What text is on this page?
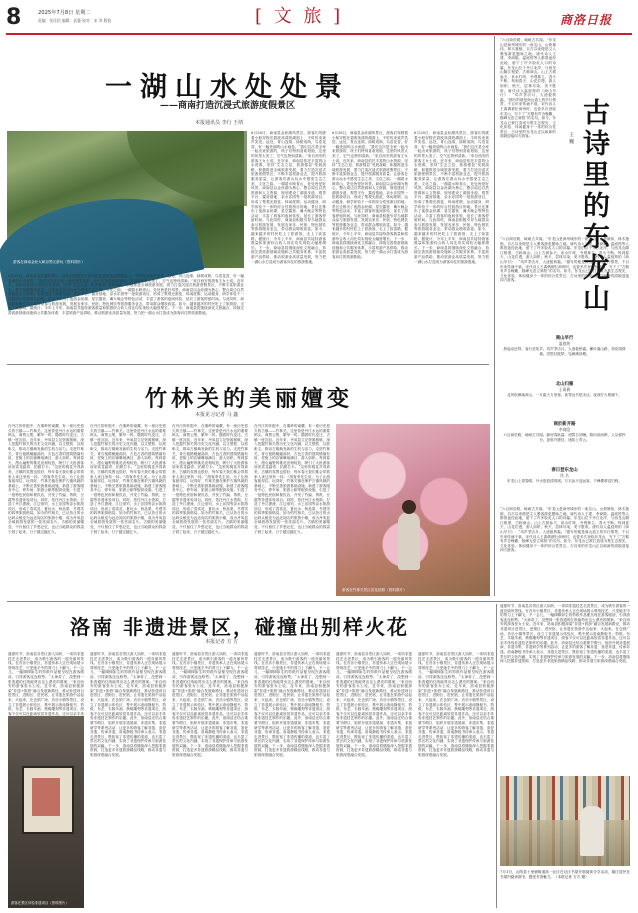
8	2025年7月8日 星期二
责编：张佳怡 编辑：武藤 校对：宋 翠 版校	[ 文 旅 ]	商洛日报
一湖山水处处景
——商南打造沉浸式旅游度假景区
本报通讯员 李行 王靖
游客在商南金丝大峡谷景区游玩（资料图片）
6月28日，商南县金丝湖风景区，游客们驾驶着小船穿梭在碧波荡漾的湖面上，不时传来欢声笑语。远处，青山连绵，绿树成荫，鸟语花香，好一幅美丽的山水画卷。“我们这次是全家一起出来旅游的，孩子们特别喜欢划船，这里的风景太美了，空气也特别清新。”来自西安的游客王女士说。近年来，商南县依托丰富的山水资源，坚持“生态立县、旅游强县”发展战略，积极推进全域旅游发展，着力打造沉浸式旅游度假景区，不断丰富旅游业态，提升旅游服务质量，让游客在游山玩水中感受生态之美、文化之韵。一湖碧水映青山，处处皆是好风景。商南县以金丝湖为核心，整合周边自然资源和人文资源，规划建设了湖滨步道、观景平台、露营基地、亲水乐园等一批旅游项目，形成了集观光游览、休闲度假、运动健身、研学体验于一体的综合性旅游目的地。景区还推出了夜游金丝湖、星空露营、篝火晚会等特色活动，丰富了游客的夜间体验，延长了游客停留时间。与此同时，商南县积极引导当地群众参与旅游发展，发展农家乐、民宿、特色餐饮等旅游服务业态，带动群众增收致富。如今，越来越多的村民吃上了旅游饭，走上了致富路。据统计，今年上半年，商南县共接待游客数量和旅游综合收入同比均实现较大幅度增长。下一步，商南县将继续深化文旅融合，持续完善旅游基础设施和公共服务体系，丰富旅游产品供给，推动旅游业高质量发展，努力把一湖山水打造成为游客向往的旅游胜地。
6月28日，商南县金丝湖风景区，游客们驾驶着小船穿梭在碧波荡漾的湖面上，不时传来欢声笑语。远处，青山连绵，绿树成荫，鸟语花香，好一幅美丽的山水画卷。“我们这次是全家一起出来旅游的，孩子们特别喜欢划船，这里的风景太美了，空气也特别清新。”来自西安的游客王女士说。近年来，商南县依托丰富的山水资源，坚持“生态立县、旅游强县”发展战略，积极推进全域旅游发展，着力打造沉浸式旅游度假景区，不断丰富旅游业态，提升旅游服务质量，让游客在游山玩水中感受生态之美、文化之韵。一湖碧水映青山，处处皆是好风景。商南县以金丝湖为核心，整合周边自然资源和人文资源，规划建设了湖滨步道、观景平台、露营基地、亲水乐园等一批旅游项目，形成了集观光游览、休闲度假、运动健身、研学体验于一体的综合性旅游目的地。景区还推出了夜游金丝湖、星空露营、篝火晚会等特色活动，丰富了游客的夜间体验，延长了游客停留时间。与此同时，商南县积极引导当地群众参与旅游发展，发展农家乐、民宿、特色餐饮等旅游服务业态，带动群众增收致富。如今，越来越多的村民吃上了旅游饭，走上了致富路。据统计，今年上半年，商南县共接待游客数量和旅游综合收入同比均实现较大幅度增长。下一步，商南县将继续深化文旅融合，持续完善旅游基础设施和公共服务体系，丰富旅游产品供给，推动旅游业高质量发展，努力把一湖山水打造成为游客向往的旅游胜地。
6月28日，商南县金丝湖风景区，游客们驾驶着小船穿梭在碧波荡漾的湖面上，不时传来欢声笑语。远处，青山连绵，绿树成荫，鸟语花香，好一幅美丽的山水画卷。“我们这次是全家一起出来旅游的，孩子们特别喜欢划船，这里的风景太美了，空气也特别清新。”来自西安的游客王女士说。近年来，商南县依托丰富的山水资源，坚持“生态立县、旅游强县”发展战略，积极推进全域旅游发展，着力打造沉浸式旅游度假景区，不断丰富旅游业态，提升旅游服务质量，让游客在游山玩水中感受生态之美、文化之韵。一湖碧水映青山，处处皆是好风景。商南县以金丝湖为核心，整合周边自然资源和人文资源，规划建设了湖滨步道、观景平台、露营基地、亲水乐园等一批旅游项目，形成了集观光游览、休闲度假、运动健身、研学体验于一体的综合性旅游目的地。景区还推出了夜游金丝湖、星空露营、篝火晚会等特色活动，丰富了游客的夜间体验，延长了游客停留时间。与此同时，商南县积极引导当地群众参与旅游发展，发展农家乐、民宿、特色餐饮等旅游服务业态，带动群众增收致富。如今，越来越多的村民吃上了旅游饭，走上了致富路。据统计，今年上半年，商南县共接待游客数量和旅游综合收入同比均实现较大幅度增长。下一步，商南县将继续深化文旅融合，持续完善旅游基础设施和公共服务体系，丰富旅游产品供给，推动旅游业高质量发展，努力把一湖山水打造成为游客向往的旅游胜地。
6月28日，商南县金丝湖风景区，游客们驾驶着小船穿梭在碧波荡漾的湖面上，不时传来欢声笑语。远处，青山连绵，绿树成荫，鸟语花香，好一幅美丽的山水画卷。“我们这次是全家一起出来旅游的，孩子们特别喜欢划船，这里的风景太美了，空气也特别清新。”来自西安的游客王女士说。近年来，商南县依托丰富的山水资源，坚持“生态立县、旅游强县”发展战略，积极推进全域旅游发展，着力打造沉浸式旅游度假景区，不断丰富旅游业态，提升旅游服务质量，让游客在游山玩水中感受生态之美、文化之韵。一湖碧水映青山，处处皆是好风景。商南县以金丝湖为核心，整合周边自然资源和人文资源，规划建设了湖滨步道、观景平台、露营基地、亲水乐园等一批旅游项目，形成了集观光游览、休闲度假、运动健身、研学体验于一体的综合性旅游目的地。景区还推出了夜游金丝湖、星空露营、篝火晚会等特色活动，丰富了游客的夜间体验，延长了游客停留时间。与此同时，商南县积极引导当地群众参与旅游发展，发展农家乐、民宿、特色餐饮等旅游服务业态，带动群众增收致富。如今，越来越多的村民吃上了旅游饭，走上了致富路。据统计，今年上半年，商南县共接待游客数量和旅游综合收入同比均实现较大幅度增长。下一步，商南县将继续深化文旅融合，持续完善旅游基础设施和公共服务体系，丰富旅游产品供给，推动旅游业高质量发展，努力把一湖山水打造成为游客向往的旅游胜地。	古诗里的东龙山
王 巍
“六百商於路，崎岖古共闻。”东龙山是商州城东的一座名山，山势雄伟，林木葱郁，自古以来便是文人墨客游览题咏之地。唐代诗人王建、李商隐、温庭筠等人都曾途经此地，留下了许多脍炙人口的诗篇。东龙山位于丹江北岸，与西龙山隔江相望，古称商山。山上古树参天，泉水叮咚，寺观林立，香火不断。每到春天，山花烂漫，游人如织；秋天，层林尽染，美不胜收。唐代诗人温庭筠的《商山早行》：“鸡声茅店月，人迹板桥霜。”描写的便是商山道上的早行情景，千百年来传诵不衰。宋代诗人王禹偁被贬商州时，也曾多次登临东龙山，写下了“万壑有声含晚籁，数峰无语立斜阳”的名句。如今，东龙山已被打造成为集生态观光、文化体验、休闲健身于一体的综合性景区，古诗里的东龙山正以崭新的面貌迎接四方游客。
“六百商於路，崎岖古共闻。”东龙山是商州城东的一座名山，山势雄伟，林木葱郁，自古以来便是文人墨客游览题咏之地。唐代诗人王建、李商隐、温庭筠等人都曾途经此地，留下了许多脍炙人口的诗篇。东龙山位于丹江北岸，与西龙山隔江相望，古称商山。山上古树参天，泉水叮咚，寺观林立，香火不断。每到春天，山花烂漫，游人如织；秋天，层林尽染，美不胜收。唐代诗人温庭筠的《商山早行》：“鸡声茅店月，人迹板桥霜。”描写的便是商山道上的早行情景，千百年来传诵不衰。宋代诗人王禹偁被贬商州时，也曾多次登临东龙山，写下了“万壑有声含晚籁，数峰无语立斜阳”的名句。如今，东龙山已被打造成为集生态观光、文化体验、休闲健身于一体的综合性景区，古诗里的东龙山正以崭新的面貌迎接四方游客。
商山早行
温庭筠
晨起动征铎，客行悲故乡。鸡声茅店月，人迹板桥霜。槲叶落山路，枳花明驿墙。因思杜陵梦，凫雁满回塘。
北山归雁
王禹偁
北风吹雁落商山，一片霜天万里寒。欲寄远书愁未达，夜深灯火照阑干。
商於新开路
李商隐
六百商於路，崎岖古共闻。蜂房春欲暮，虎阱日初曛。路向泉间辨，人从树杪分。更谁开捷径，速拟上青云。
春日登东龙山
佚 名
东龙山上望春晴，丹水悠悠绕郭城。万木参天迎远客，千峰叠翠送归程。
“六百商於路，崎岖古共闻。”东龙山是商州城东的一座名山，山势雄伟，林木葱郁，自古以来便是文人墨客游览题咏之地。唐代诗人王建、李商隐、温庭筠等人都曾途经此地，留下了许多脍炙人口的诗篇。东龙山位于丹江北岸，与西龙山隔江相望，古称商山。山上古树参天，泉水叮咚，寺观林立，香火不断。每到春天，山花烂漫，游人如织；秋天，层林尽染，美不胜收。唐代诗人温庭筠的《商山早行》：“鸡声茅店月，人迹板桥霜。”描写的便是商山道上的早行情景，千百年来传诵不衰。宋代诗人王禹偁被贬商州时，也曾多次登临东龙山，写下了“万壑有声含晚籁，数峰无语立斜阳”的名句。如今，东龙山已被打造成为集生态观光、文化体验、休闲健身于一体的综合性景区，古诗里的东龙山正以崭新的面貌迎接四方游客。
竹林关的美丽嬗变
本报见习记者 马 鑫
在丹江的怀抱中，在秦岭的南麓，有一座历史悠久的古镇——竹林关。这里曾是丹江水运的重要码头，商贾云集，繁华一时。随着时代变迁，古镇一度沉寂。近年来，丹凤县立足资源禀赋，深入挖掘竹林关的历史文化内涵，以文塑旅、以旅彰文，推动古镇焕发新的生机与活力。走进竹林关，青石板路蜿蜒曲折，古色古香的建筑错落有致，老街上的店铺琳琅满目，游人如织。每到春天，漫山遍野的桃花竞相绽放，吸引了大批游客前来赏花踏青、拍照打卡。“这里的桃花开得真美，古镇的氛围也很好，每年春天我们都会带着家人来这里转一转。”游客李先生说。为了让游客留得住、玩得好，竹林关镇在保护古镇风貌的基础上，不断完善旅游基础设施，新建了游客服务中心、停车场、旅游公厕等配套设施，引进了一批特色民宿和餐饮店，开发了竹编、剪纸、豆腐等非遗体验项目。同时，依托丹江水资源，打造了丹江漂流、江边垂钓、水上乐园等亲水旅游项目，形成了春赏花、夏玩水、秋品果、冬观雪的四季旅游格局。如今的竹林关，已从昔日的水运码头蜕变为远近闻名的旅游小镇，成为丹凤县全域旅游发展的一张亮丽名片。古镇的美丽嬗变，不仅留住了乡愁记忆，也让当地群众的钱袋子鼓了起来，日子越过越红火。
在丹江的怀抱中，在秦岭的南麓，有一座历史悠久的古镇——竹林关。这里曾是丹江水运的重要码头，商贾云集，繁华一时。随着时代变迁，古镇一度沉寂。近年来，丹凤县立足资源禀赋，深入挖掘竹林关的历史文化内涵，以文塑旅、以旅彰文，推动古镇焕发新的生机与活力。走进竹林关，青石板路蜿蜒曲折，古色古香的建筑错落有致，老街上的店铺琳琅满目，游人如织。每到春天，漫山遍野的桃花竞相绽放，吸引了大批游客前来赏花踏青、拍照打卡。“这里的桃花开得真美，古镇的氛围也很好，每年春天我们都会带着家人来这里转一转。”游客李先生说。为了让游客留得住、玩得好，竹林关镇在保护古镇风貌的基础上，不断完善旅游基础设施，新建了游客服务中心、停车场、旅游公厕等配套设施，引进了一批特色民宿和餐饮店，开发了竹编、剪纸、豆腐等非遗体验项目。同时，依托丹江水资源，打造了丹江漂流、江边垂钓、水上乐园等亲水旅游项目，形成了春赏花、夏玩水、秋品果、冬观雪的四季旅游格局。如今的竹林关，已从昔日的水运码头蜕变为远近闻名的旅游小镇，成为丹凤县全域旅游发展的一张亮丽名片。古镇的美丽嬗变，不仅留住了乡愁记忆，也让当地群众的钱袋子鼓了起来，日子越过越红火。
在丹江的怀抱中，在秦岭的南麓，有一座历史悠久的古镇——竹林关。这里曾是丹江水运的重要码头，商贾云集，繁华一时。随着时代变迁，古镇一度沉寂。近年来，丹凤县立足资源禀赋，深入挖掘竹林关的历史文化内涵，以文塑旅、以旅彰文，推动古镇焕发新的生机与活力。走进竹林关，青石板路蜿蜒曲折，古色古香的建筑错落有致，老街上的店铺琳琅满目，游人如织。每到春天，漫山遍野的桃花竞相绽放，吸引了大批游客前来赏花踏青、拍照打卡。“这里的桃花开得真美，古镇的氛围也很好，每年春天我们都会带着家人来这里转一转。”游客李先生说。为了让游客留得住、玩得好，竹林关镇在保护古镇风貌的基础上，不断完善旅游基础设施，新建了游客服务中心、停车场、旅游公厕等配套设施，引进了一批特色民宿和餐饮店，开发了竹编、剪纸、豆腐等非遗体验项目。同时，依托丹江水资源，打造了丹江漂流、江边垂钓、水上乐园等亲水旅游项目，形成了春赏花、夏玩水、秋品果、冬观雪的四季旅游格局。如今的竹林关，已从昔日的水运码头蜕变为远近闻名的旅游小镇，成为丹凤县全域旅游发展的一张亮丽名片。古镇的美丽嬗变，不仅留住了乡愁记忆，也让当地群众的钱袋子鼓了起来，日子越过越红火。
在丹江的怀抱中，在秦岭的南麓，有一座历史悠久的古镇——竹林关。这里曾是丹江水运的重要码头，商贾云集，繁华一时。随着时代变迁，古镇一度沉寂。近年来，丹凤县立足资源禀赋，深入挖掘竹林关的历史文化内涵，以文塑旅、以旅彰文，推动古镇焕发新的生机与活力。走进竹林关，青石板路蜿蜒曲折，古色古香的建筑错落有致，老街上的店铺琳琅满目，游人如织。每到春天，漫山遍野的桃花竞相绽放，吸引了大批游客前来赏花踏青、拍照打卡。“这里的桃花开得真美，古镇的氛围也很好，每年春天我们都会带着家人来这里转一转。”游客李先生说。为了让游客留得住、玩得好，竹林关镇在保护古镇风貌的基础上，不断完善旅游基础设施，新建了游客服务中心、停车场、旅游公厕等配套设施，引进了一批特色民宿和餐饮店，开发了竹编、剪纸、豆腐等非遗体验项目。同时，依托丹江水资源，打造了丹江漂流、江边垂钓、水上乐园等亲水旅游项目，形成了春赏花、夏玩水、秋品果、冬观雪的四季旅游格局。如今的竹林关，已从昔日的水运码头蜕变为远近闻名的旅游小镇，成为丹凤县全域旅游发展的一张亮丽名片。古镇的美丽嬗变，不仅留住了乡愁记忆，也让当地群众的钱袋子鼓了起来，日子越过越红火。
游客在竹林关景区赏花拍照（资料图片）
洛南 非遗进景区，碰撞出别样火花
本报记者 方 方
盛夏时节，洛南县各景区游人如织，一项项非遗技艺走进景区，成为吸引游客的一道亮丽风景线。在音乐小镇景区，非遗传承人正在现场展示剪纸技艺，只见她手中的剪刀上下翻飞，不一会儿，一幅栩栩如生的剪纸作品便呈现在游客眼前，引得游客连连称赞。“太神奇了，没想到一张普通的红纸能剪出这么漂亮的图案。”来自西安的游客张女士说。近年来，洛南县积极探索“非遗+旅游”融合发展新路径，推动非遗项目进景区、进街区、进民宿，让非遗在旅游中活起来、火起来。在仓颉广场、音乐小镇等景区，设立了非遗展示体验区，集中展示洛南静板书、剪纸、布艺、木版年画、核桃雕刻等非遗项目，游客不仅可以近距离欣赏非遗作品，还可以亲手体
游客在景区体验非遗项目（资料图片）
盛夏时节，洛南县各景区游人如织，一项项非遗技艺走进景区，成为吸引游客的一道亮丽风景线。在音乐小镇景区，非遗传承人正在现场展示剪纸技艺，只见她手中的剪刀上下翻飞，不一会儿，一幅栩栩如生的剪纸作品便呈现在游客眼前，引得游客连连称赞。“太神奇了，没想到一张普通的红纸能剪出这么漂亮的图案。”来自西安的游客张女士说。近年来，洛南县积极探索“非遗+旅游”融合发展新路径，推动非遗项目进景区、进街区、进民宿，让非遗在旅游中活起来、火起来。在仓颉广场、音乐小镇等景区，设立了非遗展示体验区，集中展示洛南静板书、剪纸、布艺、木版年画、核桃雕刻等非遗项目，游客不仅可以近距离欣赏非遗作品，还可以亲手体验非遗技艺制作的乐趣。此外，洛南县还结合重要节假日，组织开展非遗展演、非遗市集、非遗研学等系列活动，让更多的游客了解非遗、喜爱非遗、传承非遗。洛南静板书传承人表示，非遗走进景区，既拓宽了非遗传播的渠道，也丰富了景区的文化内涵，实现了非遗保护传承与旅游发展的双赢。下一步，洛南县将继续深入挖掘非遗资源，打造更多非遗旅游精品线路，推动非遗与旅游深度融合发展。
盛夏时节，洛南县各景区游人如织，一项项非遗技艺走进景区，成为吸引游客的一道亮丽风景线。在音乐小镇景区，非遗传承人正在现场展示剪纸技艺，只见她手中的剪刀上下翻飞，不一会儿，一幅栩栩如生的剪纸作品便呈现在游客眼前，引得游客连连称赞。“太神奇了，没想到一张普通的红纸能剪出这么漂亮的图案。”来自西安的游客张女士说。近年来，洛南县积极探索“非遗+旅游”融合发展新路径，推动非遗项目进景区、进街区、进民宿，让非遗在旅游中活起来、火起来。在仓颉广场、音乐小镇等景区，设立了非遗展示体验区，集中展示洛南静板书、剪纸、布艺、木版年画、核桃雕刻等非遗项目，游客不仅可以近距离欣赏非遗作品，还可以亲手体验非遗技艺制作的乐趣。此外，洛南县还结合重要节假日，组织开展非遗展演、非遗市集、非遗研学等系列活动，让更多的游客了解非遗、喜爱非遗、传承非遗。洛南静板书传承人表示，非遗走进景区，既拓宽了非遗传播的渠道，也丰富了景区的文化内涵，实现了非遗保护传承与旅游发展的双赢。下一步，洛南县将继续深入挖掘非遗资源，打造更多非遗旅游精品线路，推动非遗与旅游深度融合发展。
盛夏时节，洛南县各景区游人如织，一项项非遗技艺走进景区，成为吸引游客的一道亮丽风景线。在音乐小镇景区，非遗传承人正在现场展示剪纸技艺，只见她手中的剪刀上下翻飞，不一会儿，一幅栩栩如生的剪纸作品便呈现在游客眼前，引得游客连连称赞。“太神奇了，没想到一张普通的红纸能剪出这么漂亮的图案。”来自西安的游客张女士说。近年来，洛南县积极探索“非遗+旅游”融合发展新路径，推动非遗项目进景区、进街区、进民宿，让非遗在旅游中活起来、火起来。在仓颉广场、音乐小镇等景区，设立了非遗展示体验区，集中展示洛南静板书、剪纸、布艺、木版年画、核桃雕刻等非遗项目，游客不仅可以近距离欣赏非遗作品，还可以亲手体验非遗技艺制作的乐趣。此外，洛南县还结合重要节假日，组织开展非遗展演、非遗市集、非遗研学等系列活动，让更多的游客了解非遗、喜爱非遗、传承非遗。洛南静板书传承人表示，非遗走进景区，既拓宽了非遗传播的渠道，也丰富了景区的文化内涵，实现了非遗保护传承与旅游发展的双赢。下一步，洛南县将继续深入挖掘非遗资源，打造更多非遗旅游精品线路，推动非遗与旅游深度融合发展。
盛夏时节，洛南县各景区游人如织，一项项非遗技艺走进景区，成为吸引游客的一道亮丽风景线。在音乐小镇景区，非遗传承人正在现场展示剪纸技艺，只见她手中的剪刀上下翻飞，不一会儿，一幅栩栩如生的剪纸作品便呈现在游客眼前，引得游客连连称赞。“太神奇了，没想到一张普通的红纸能剪出这么漂亮的图案。”来自西安的游客张女士说。近年来，洛南县积极探索“非遗+旅游”融合发展新路径，推动非遗项目进景区、进街区、进民宿，让非遗在旅游中活起来、火起来。在仓颉广场、音乐小镇等景区，设立了非遗展示体验区，集中展示洛南静板书、剪纸、布艺、木版年画、核桃雕刻等非遗项目，游客不仅可以近距离欣赏非遗作品，还可以亲手体验非遗技艺制作的乐趣。此外，洛南县还结合重要节假日，组织开展非遗展演、非遗市集、非遗研学等系列活动，让更多的游客了解非遗、喜爱非遗、传承非遗。洛南静板书传承人表示，非遗走进景区，既拓宽了非遗传播的渠道，也丰富了景区的文化内涵，实现了非遗保护传承与旅游发展的双赢。下一步，洛南县将继续深入挖掘非遗资源，打造更多非遗旅游精品线路，推动非遗与旅游深度融合发展。
盛夏时节，洛南县各景区游人如织，一项项非遗技艺走进景区，成为吸引游客的一道亮丽风景线。在音乐小镇景区，非遗传承人正在现场展示剪纸技艺，只见她手中的剪刀上下翻飞，不一会儿，一幅栩栩如生的剪纸作品便呈现在游客眼前，引得游客连连称赞。“太神奇了，没想到一张普通的红纸能剪出这么漂亮的图案。”来自西安的游客张女士说。近年来，洛南县积极探索“非遗+旅游”融合发展新路径，推动非遗项目进景区、进街区、进民宿，让非遗在旅游中活起来、火起来。在仓颉广场、音乐小镇等景区，设立了非遗展示体验区，集中展示洛南静板书、剪纸、布艺、木版年画、核桃雕刻等非遗项目，游客不仅可以近距离欣赏非遗作品，还可以亲手体验非遗技艺制作的乐趣。此外，洛南县还结合重要节假日，组织开展非遗展演、非遗市集、非遗研学等系列活动，让更多的游客了解非遗、喜爱非遗、传承非遗。洛南静板书传承人表示，非遗走进景区，既拓宽了非遗传播的渠道，也丰富了景区的文化内涵，实现了非遗保护传承与旅游发展的双赢。下一步，洛南县将继续深入挖掘非遗资源，打造更多非遗旅游精品线路，推动非遗与旅游深度融合发展。
盛夏时节，洛南县各景区游人如织，一项项非遗技艺走进景区，成为吸引游客的一道亮丽风景线。在音乐小镇景区，非遗传承人正在现场展示剪纸技艺，只见她手中的剪刀上下翻飞，不一会儿，一幅栩栩如生的剪纸作品便呈现在游客眼前，引得游客连连称赞。“太神奇了，没想到一张普通的红纸能剪出这么漂亮的图案。”来自西安的游客张女士说。近年来，洛南县积极探索“非遗+旅游”融合发展新路径，推动非遗项目进景区、进街区、进民宿，让非遗在旅游中活起来、火起来。在仓颉广场、音乐小镇等景区，设立了非遗展示体验区，集中展示洛南静板书、剪纸、布艺、木版年画、核桃雕刻等非遗项目，游客不仅可以近距离欣赏非遗作品，还可以亲手体验非遗技艺制作的乐趣。此外，洛南县还结合重要节假日，组织开展非遗展演、非遗市集、非遗研学等系列活动，让更多的游客了解非遗、喜爱非遗、传承非遗。洛南静板书传承人表示，非遗走进景区，既拓宽了非遗传播的渠道，也丰富了景区的文化内涵，实现了非遗保护传承与旅游发展的双赢。下一步，洛南县将继续深入挖掘非遗资源，打造更多非遗旅游精品线路，推动非遗与旅游深度融合发展。
7月1日，山阳县十里铺街道高一社区在社区书屋开展阅读分享活动，辖区居民在书屋内阅读图书，感受书香魅力。（本报记者 方方 摄）
